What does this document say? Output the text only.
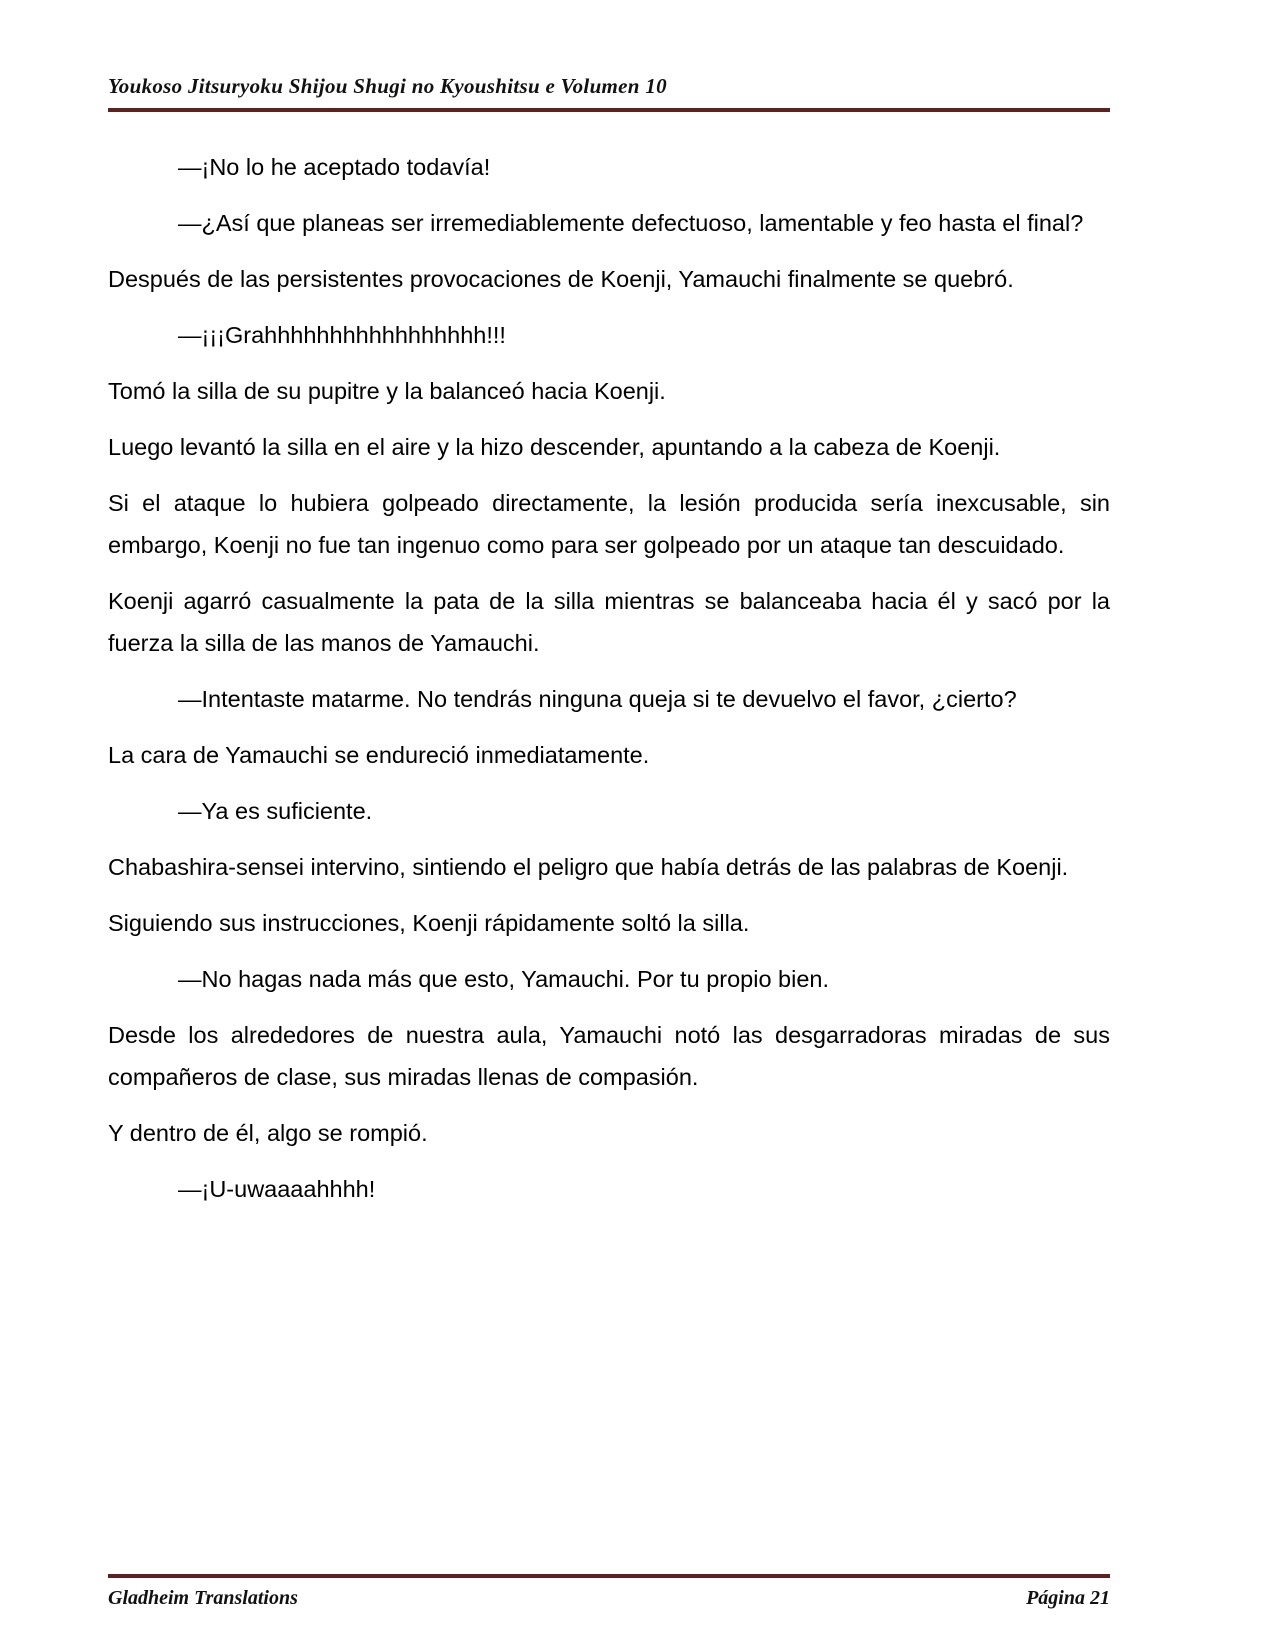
Youkoso Jitsuryoku Shijou Shugi no Kyoushitsu e Volumen 10

—¡No lo he aceptado todavía!

—¿Así que planeas ser irremediablemente defectuoso, lamentable y feo hasta el final?

Después de las persistentes provocaciones de Koenji, Yamauchi finalmente se quebró.

—¡¡¡Grahhhhhhhhhhhhhhhhh!!!

Tomó la silla de su pupitre y la balanceó hacia Koenji.

Luego levantó la silla en el aire y la hizo descender, apuntando a la cabeza de Koenji.

Si el ataque lo hubiera golpeado directamente, la lesión producida sería inexcusable, sin embargo, Koenji no fue tan ingenuo como para ser golpeado por un ataque tan descuidado.

Koenji agarró casualmente la pata de la silla mientras se balanceaba hacia él y sacó por la fuerza la silla de las manos de Yamauchi.

—Intentaste matarme. No tendrás ninguna queja si te devuelvo el favor, ¿cierto?

La cara de Yamauchi se endureció inmediatamente.

—Ya es suficiente.

Chabashira-sensei intervino, sintiendo el peligro que había detrás de las palabras de Koenji.

Siguiendo sus instrucciones, Koenji rápidamente soltó la silla.

—No hagas nada más que esto, Yamauchi. Por tu propio bien.

Desde los alrededores de nuestra aula, Yamauchi notó las desgarradoras miradas de sus compañeros de clase, sus miradas llenas de compasión.

Y dentro de él, algo se rompió.

—¡U-uwaaaahhhh!

Gladheim Translations	Página 21
